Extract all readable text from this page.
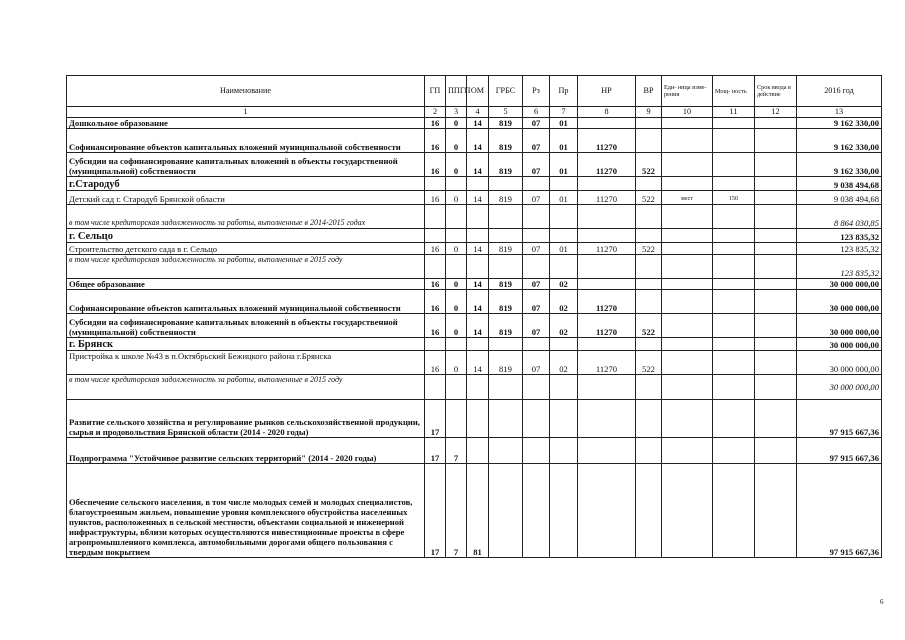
Наименование	ГП	ППГП	ОМ	ГРБС	Рз	Пр	НР	ВР	Еди- ница изме- рения	Мощ- ность	Срок ввода в действие	2016 год
1	2	3	4	5	6	7	8	9	10	11	12	13
Дошкольное образование	16	0	14	819	07	01						9 162 330,00
Софинансирование объектов капитальных вложений муниципальной собственности	16	0	14	819	07	01	11270					9 162 330,00
Субсидии на софинансирование капитальных вложений в объекты государственной (муниципальной) собственности	16	0	14	819	07	01	11270	522				9 162 330,00
г.Стародуб												9 038 494,68
Детский сад г. Стародуб Брянской области	16	0	14	819	07	01	11270	522	мест	150		9 038 494,68
в том числе кредиторская задолженность за работы, выполненные в 2014-2015 годах												8 864 030,85
г. Сельцо												123 835,32
Строительство детского сада в г. Сельцо	16	0	14	819	07	01	11270	522				123 835,32
в том числе кредиторская задолженность за работы, выполненные в 2015 году												123 835,32
Общее образование	16	0	14	819	07	02						30 000 000,00
Софинансирование объектов капитальных вложений муниципальной собственности	16	0	14	819	07	02	11270					30 000 000,00
Субсидии на софинансирование капитальных вложений в объекты государственной (муниципальной) собственности	16	0	14	819	07	02	11270	522				30 000 000,00
г. Брянск												30 000 000,00
Пристройка к школе №43 в п.Октябрьский Бежицкого района г.Брянска	16	0	14	819	07	02	11270	522				30 000 000,00
в том числе кредиторская задолженность за работы, выполненные в 2015 году												30 000 000,00
Развитие сельского хозяйства и регулирование рынков сельскохозяйственной продукции, сырья и продовольствия Брянской области (2014 - 2020 годы)	17											97 915 667,36
Подпрограмма "Устойчивое развитие сельских территорий" (2014 - 2020 годы)	17	7										97 915 667,36
Обеспечение сельского населения, в том числе молодых семей и молодых специалистов, благоустроенным жильем, повышение уровня комплексного обустройства населенных пунктов, расположенных в сельской местности, объектами социальной и инженерной инфраструктуры, вблизи которых осуществляются инвестиционные проекты в сфере агропромышленного комплекса, автомобильными дорогами общего пользования с твердым покрытием	17	7	81									97 915 667,36
6
